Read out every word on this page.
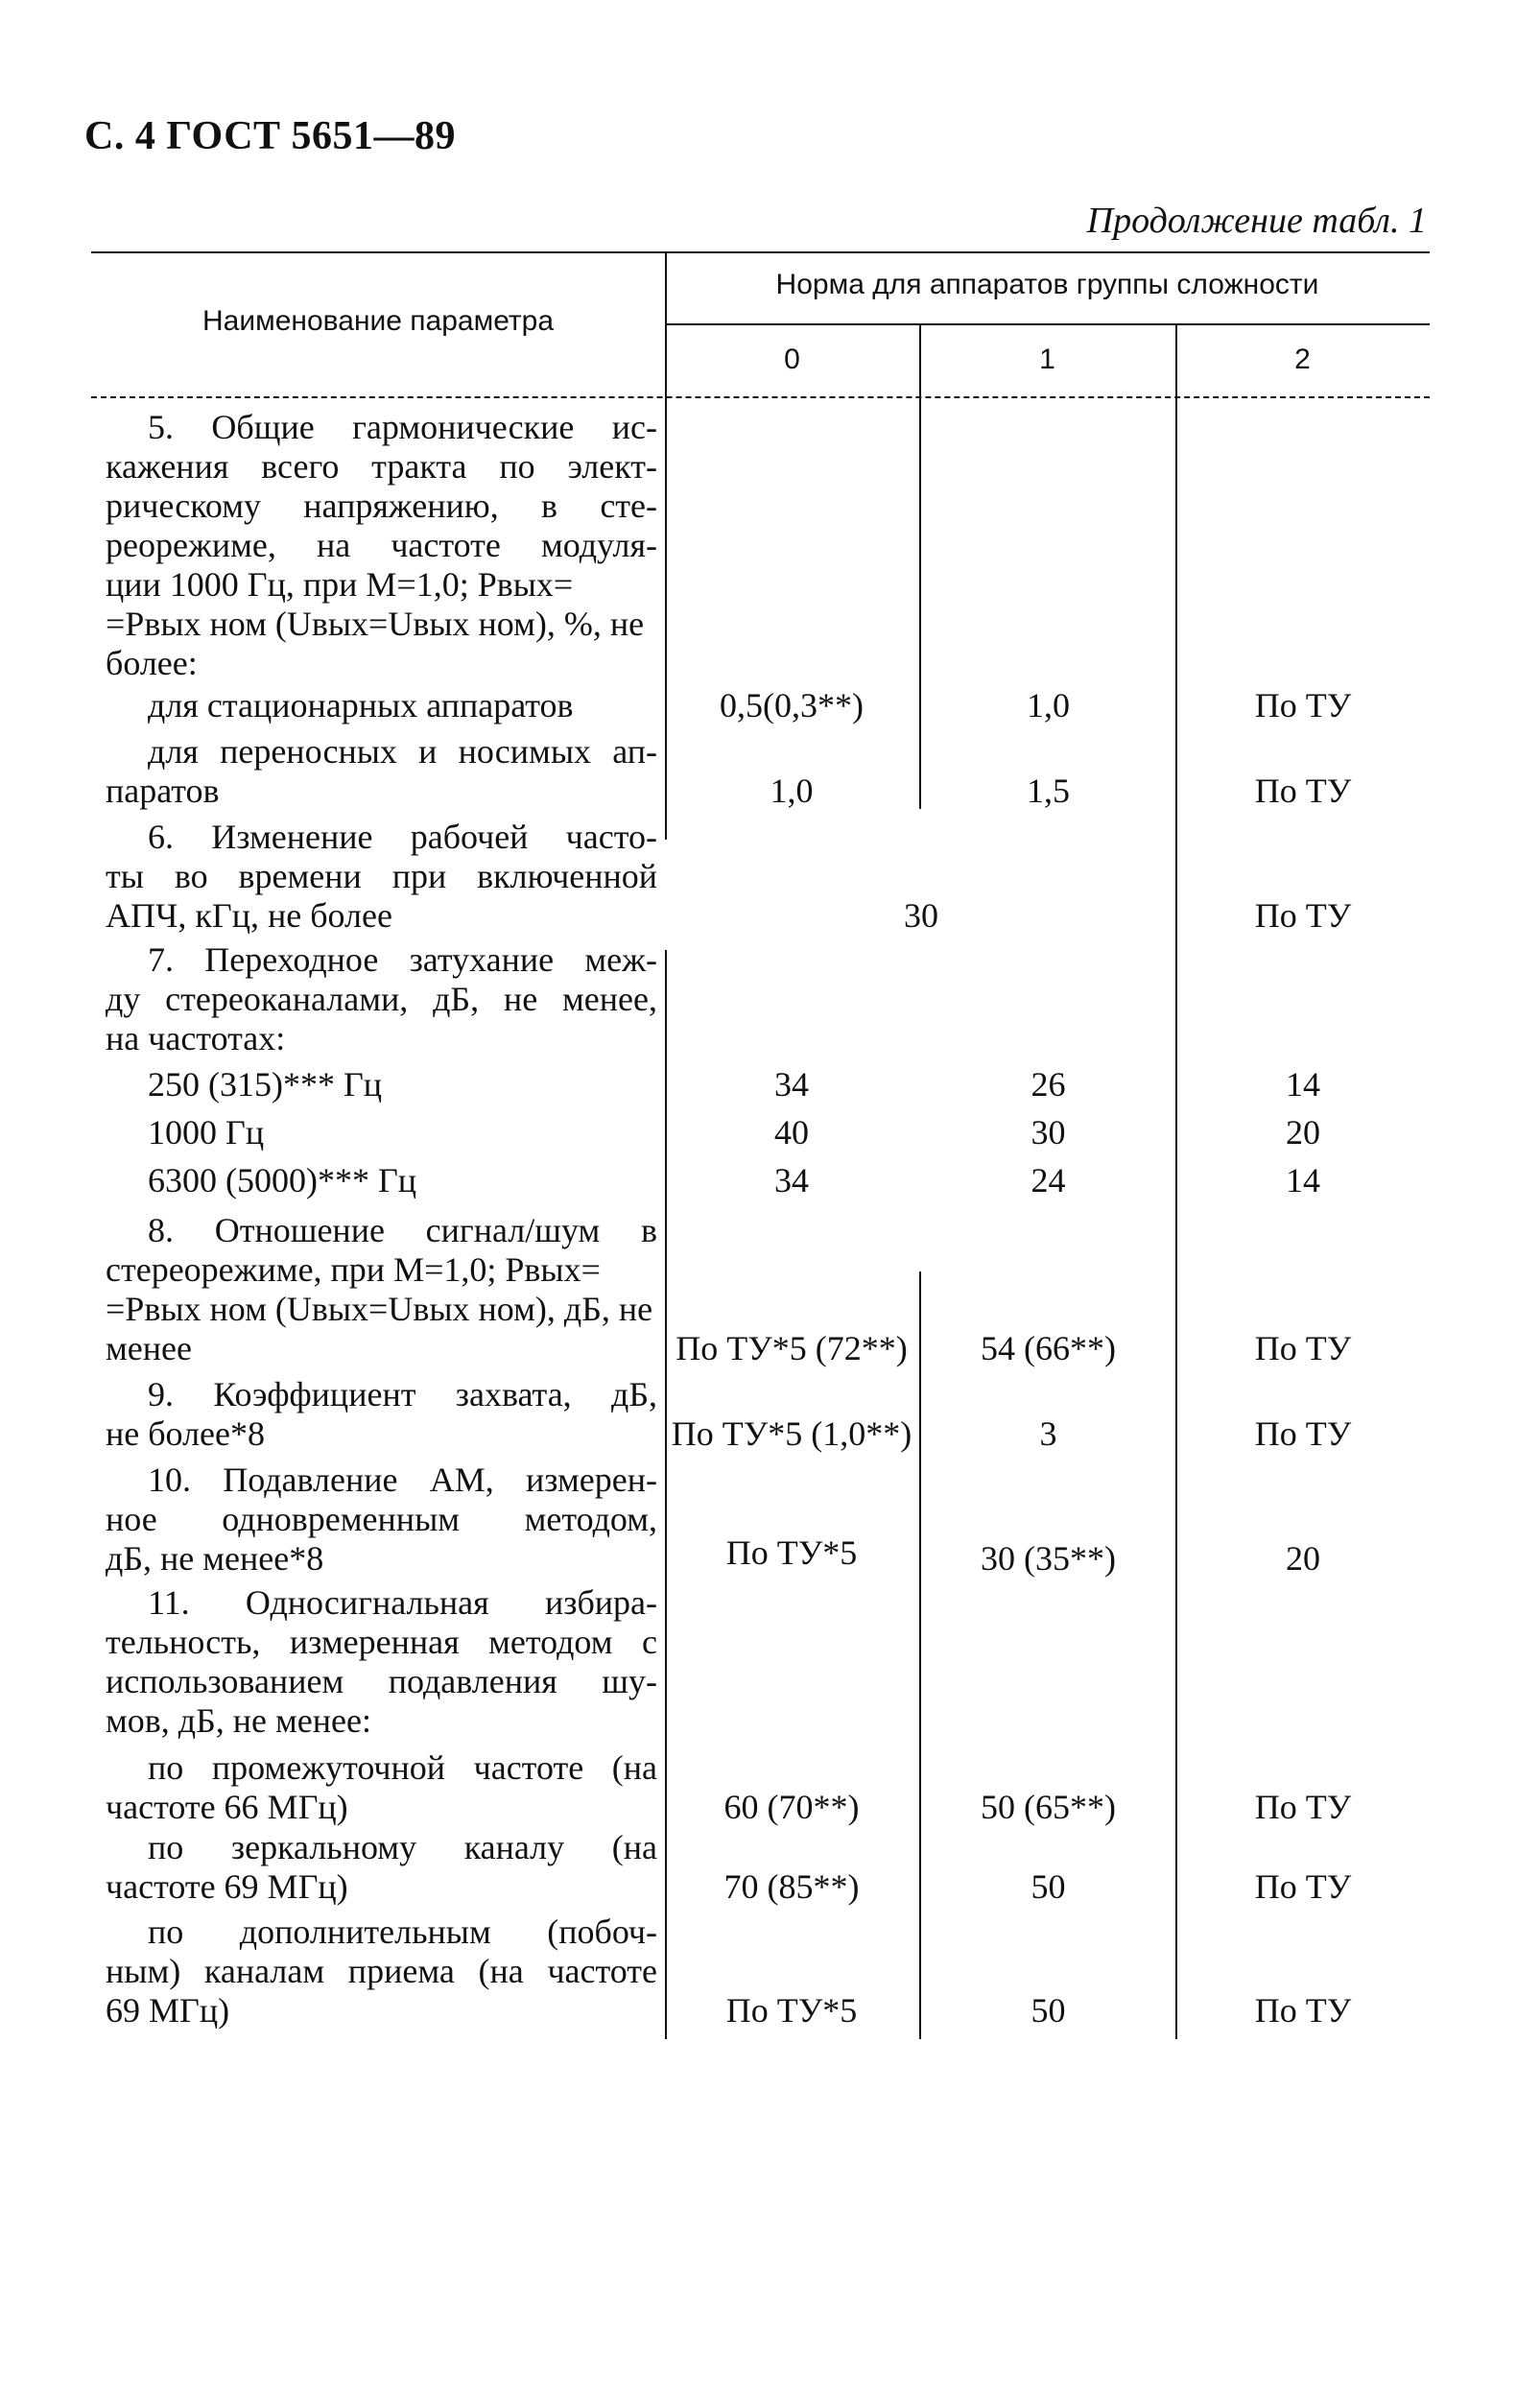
С. 4 ГОСТ 5651—89
Продолжение табл. 1
Наименование параметра
Норма для аппаратов группы сложности
0	1	2
5. Общие гармонические ис-
кажения всего тракта по элект-
рическому напряжению, в сте-
реорежиме, на частоте модуля-
ции 1000 Гц, при M=1,0; Pвых=
=Pвых ном (Uвых=Uвых ном), %, не
более:
для стационарных аппаратов	0,5(0,3**)	1,0	По ТУ
для переносных и носимых ап-
паратов	1,0	1,5	По ТУ
6. Изменение рабочей часто-
ты во времени при включенной
АПЧ, кГц, не более	30	По ТУ
7. Переходное затухание меж-
ду стереоканалами, дБ, не менее,
на частотах:
250 (315)*** Гц	34	26	14
1000 Гц	40	30	20
6300 (5000)*** Гц	34	24	14
8. Отношение сигнал/шум в
стереорежиме, при M=1,0; Pвых=
=Pвых ном (Uвых=Uвых ном), дБ, не
менее	По ТУ*5 (72**)	54 (66**)	По ТУ
9. Коэффициент захвата, дБ,
не более*8	По ТУ*5 (1,0**)	3	По ТУ
10. Подавление АМ, измерен-
ное одновременным методом,
дБ, не менее*8	По ТУ*5	30 (35**)	20
11. Односигнальная избира-
тельность, измеренная методом с
использованием подавления шу-
мов, дБ, не менее:
по промежуточной частоте (на
частоте 66 МГц)	60 (70**)	50 (65**)	По ТУ
по зеркальному каналу (на
частоте 69 МГц)	70 (85**)	50	По ТУ
по дополнительным (побоч-
ным) каналам приема (на частоте
69 МГц)	По ТУ*5	50	По ТУ
